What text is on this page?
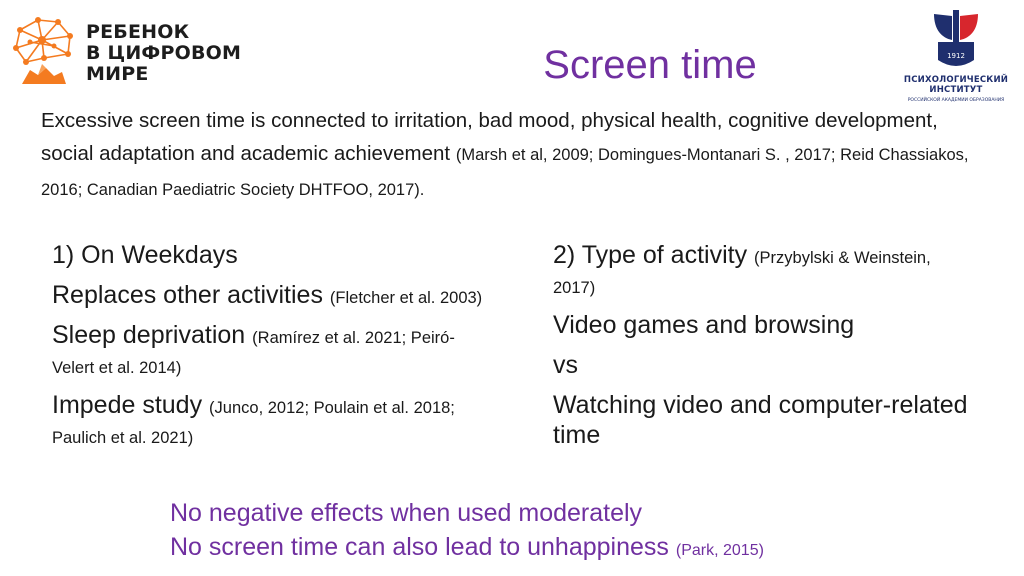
РЕБЕНОК
В ЦИФРОВОМ
МИРЕ
1912
ПСИХОЛОГИЧЕСКИЙ
ИНСТИТУТ
РОССИЙСКОЙ АКАДЕМИИ ОБРАЗОВАНИЯ
Screen time
Excessive screen time is connected to irritation, bad mood, physical health, cognitive development, social adaptation and academic achievement (Marsh et al, 2009; Domingues-Montanari S. , 2017; Reid Chassiakos, 2016; Canadian Paediatric Society DHTFOO, 2017).

1) On Weekdays

Replaces other activities (Fletcher et al. 2003)

Sleep deprivation (Ramírez et al. 2021; Peiró-Velert et al. 2014)

Impede study (Junco, 2012; Poulain et al. 2018; Paulich et al. 2021)

2) Type of activity (Przybylski & Weinstein, 2017)

Video games and browsing

vs

Watching video and computer-related time

No negative effects when used moderately
No screen time can also lead to unhappiness (Park, 2015)
